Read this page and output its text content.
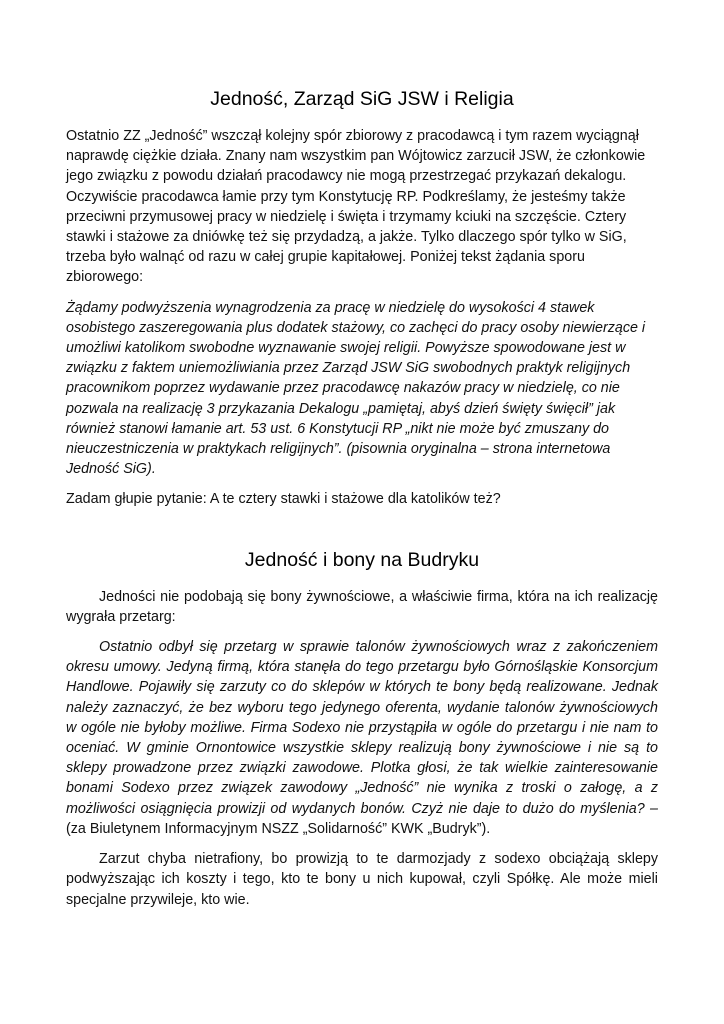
Jedność, Zarząd SiG JSW i Religia

Ostatnio ZZ „Jedność” wszczął kolejny spór zbiorowy z pracodawcą i tym razem wyciągnął naprawdę ciężkie działa. Znany nam wszystkim pan Wójtowicz zarzucił JSW, że członkowie jego związku z powodu działań pracodawcy nie mogą przestrzegać przykazań dekalogu. Oczywiście pracodawca łamie przy tym Konstytucję RP. Podkreślamy, że jesteśmy także przeciwni przymusowej pracy w niedzielę i święta i trzymamy kciuki na szczęście. Cztery stawki i stażowe za dniówkę też się przydadzą, a jakże. Tylko dlaczego spór tylko w SiG, trzeba było walnąć od razu w całej grupie kapitałowej. Poniżej tekst żądania sporu zbiorowego:

Żądamy podwyższenia wynagrodzenia za pracę w niedzielę do wysokości 4 stawek osobistego zaszeregowania plus dodatek stażowy, co zachęci do pracy osoby niewierzące i umożliwi katolikom swobodne wyznawanie swojej religii. Powyższe spowodowane jest w związku z faktem uniemożliwiania przez Zarząd JSW SiG swobodnych praktyk religijnych pracownikom poprzez wydawanie przez pracodawcę nakazów pracy w niedzielę, co nie pozwala na realizację 3 przykazania Dekalogu „pamiętaj, abyś dzień święty święcił” jak również stanowi łamanie art. 53 ust. 6 Konstytucji RP „nikt nie może być zmuszany do nieuczestniczenia w praktykach religijnych”. (pisownia oryginalna – strona internetowa Jedność SiG).

Zadam głupie pytanie: A te cztery stawki i stażowe dla katolików też?

Jedność i bony na Budryku

Jedności nie podobają się bony żywnościowe, a właściwie firma, która na ich realizację wygrała przetarg:

Ostatnio odbył się przetarg w sprawie talonów żywnościowych wraz z zakończeniem okresu umowy. Jedyną firmą, która stanęła do tego przetargu było Górnośląskie Konsorcjum Handlowe. Pojawiły się zarzuty co do sklepów w których te bony będą realizowane. Jednak należy zaznaczyć, że bez wyboru tego jedynego oferenta, wydanie talonów żywnościowych w ogóle nie byłoby możliwe. Firma Sodexo nie przystąpiła w ogóle do przetargu i nie nam to oceniać. W gminie Ornontowice wszystkie sklepy realizują bony żywnościowe i nie są to sklepy prowadzone przez związki zawodowe. Plotka głosi, że tak wielkie zainteresowanie bonami Sodexo przez związek zawodowy „Jedność” nie wynika z troski o załogę, a z możliwości osiągnięcia prowizji od wydanych bonów. Czyż nie daje to dużo do myślenia? – (za Biuletynem Informacyjnym NSZZ „Solidarność” KWK „Budryk”).

Zarzut chyba nietrafiony, bo prowizją to te darmozjady z sodexo obciążają sklepy podwyższając ich koszty i tego, kto te bony u nich kupował, czyli Spółkę. Ale może mieli specjalne przywileje, kto wie.
